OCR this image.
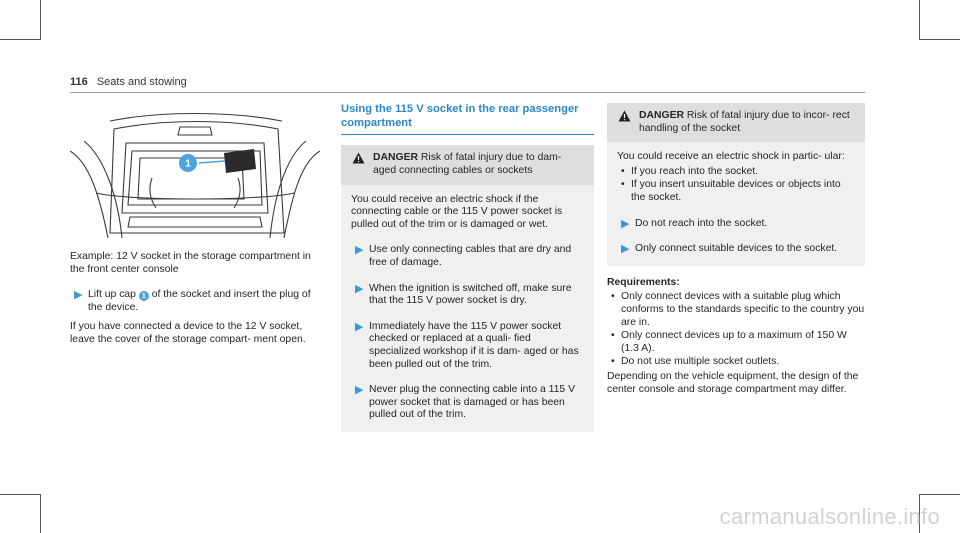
116 Seats and stowing
1

Example: 12 V socket in the storage compartment in the front center console

▶ Lift up cap 1 of the socket and insert the plug of the device.

If you have connected a device to the 12 V socket, leave the cover of the storage compart‐ ment open.

Using the 115 V socket in the rear passenger compartment

DANGER Risk of fatal injury due to dam‐ aged connecting cables or sockets

You could receive an electric shock if the connecting cable or the 115 V power socket is pulled out of the trim or is damaged or wet.

▶ Use only connecting cables that are dry and free of damage.

▶ When the ignition is switched off, make sure that the 115 V power socket is dry.

▶ Immediately have the 115 V power socket checked or replaced at a quali‐ fied specialized workshop if it is dam‐ aged or has been pulled out of the trim.

▶ Never plug the connecting cable into a 115 V power socket that is damaged or has been pulled out of the trim.

DANGER Risk of fatal injury due to incor‐ rect handling of the socket

You could receive an electric shock in partic‐ ular:

• If you reach into the socket.
• If you insert unsuitable devices or objects into the socket.

▶ Do not reach into the socket.

▶ Only connect suitable devices to the socket.

Requirements:

• Only connect devices with a suitable plug which conforms to the standards specific to the country you are in.
• Only connect devices up to a maximum of 150 W (1.3 A).
• Do not use multiple socket outlets.

Depending on the vehicle equipment, the design of the center console and storage compartment may differ.

carmanualsonline.info
